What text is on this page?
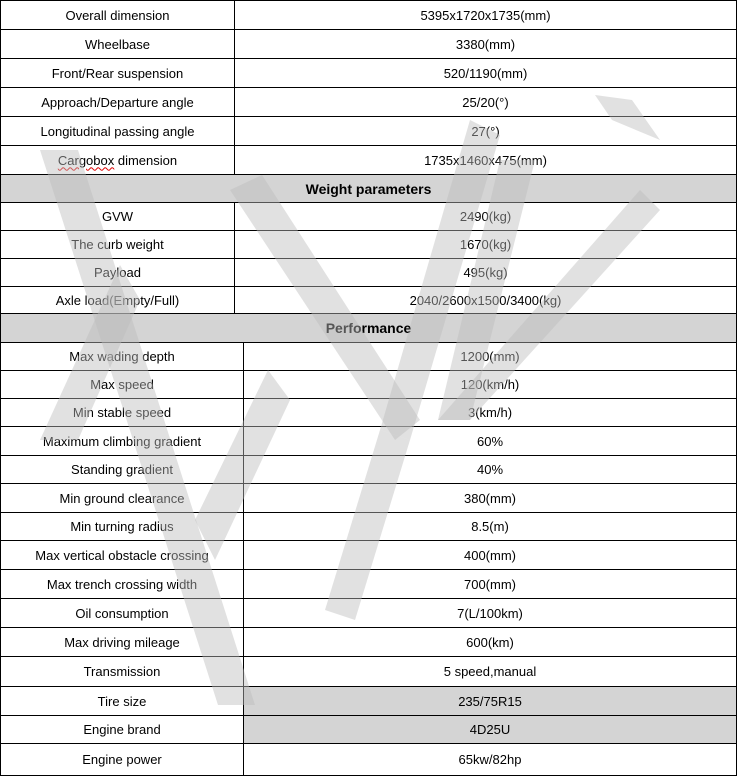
Overall dimension	5395x1720x1735(mm)
Wheelbase	3380(mm)
Front/Rear suspension	520/1190(mm)
Approach/Departure angle	25/20(°)
Longitudinal passing angle	27(°)
Cargobox dimension	1735x1460x475(mm)
Weight parameters	
GVW	2490(kg)
The curb weight	1670(kg)
Payload	495(kg)
Axle load(Empty/Full)	2040/2600x1500/3400(kg)
Performance	
Max wading depth	1200(mm)
Max speed	120(km/h)
Min stable speed	3(km/h)
Maximum climbing gradient	60%
Standing gradient	40%
Min ground clearance	380(mm)
Min turning radius	8.5(m)
Max vertical obstacle crossing	400(mm)
Max trench crossing width	700(mm)
Oil consumption	7(L/100km)
Max driving mileage	600(km)
Transmission	5 speed,manual
Tire size	235/75R15
Engine brand	4D25U
Engine power	65kw/82hp
